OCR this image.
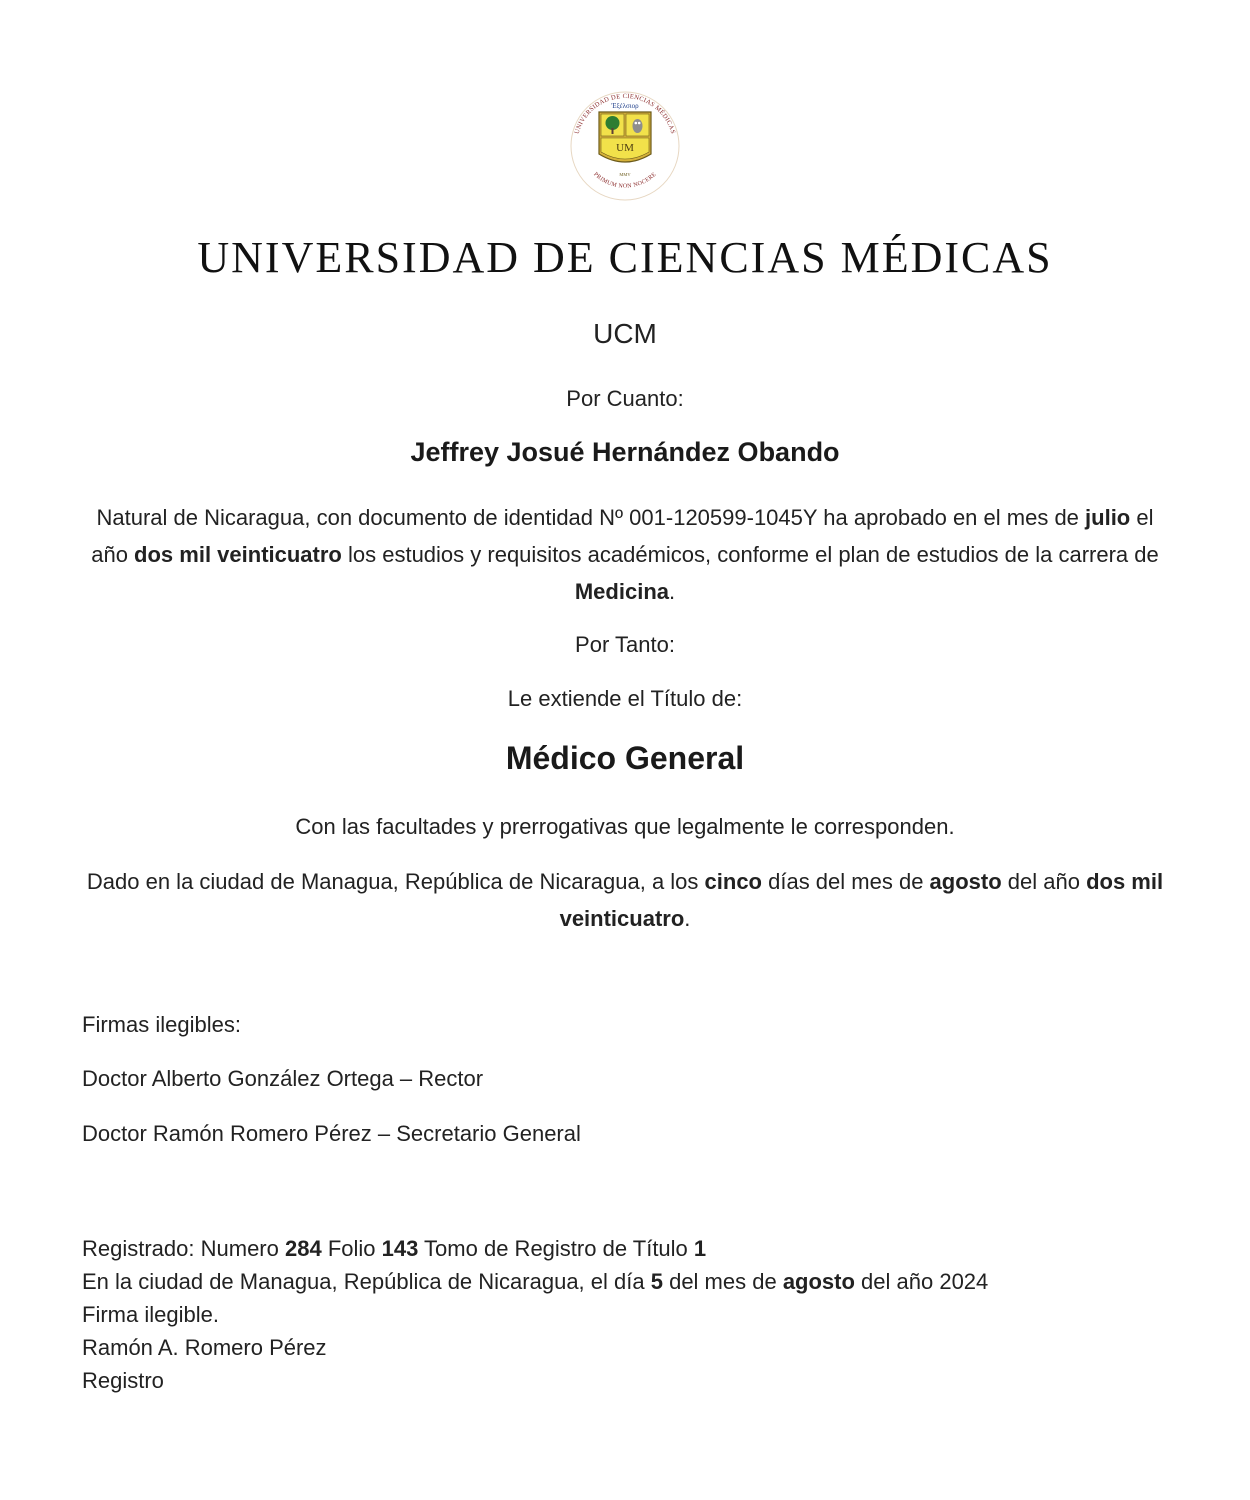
UNIVERSIDAD DE CIENCIAS MÉDICAS
PRIMUM NON NOCERE
Ἐξέλσιορ
UM
MMV
UNIVERSIDAD DE CIENCIAS MÉDICAS
UCM
Por Cuanto:
Jeffrey Josué Hernández Obando
Natural de Nicaragua, con documento de identidad Nº 001-120599-1045Y ha aprobado en el mes de julio el año dos mil veinticuatro los estudios y requisitos académicos, conforme el plan de estudios de la carrera de Medicina.
Por Tanto:
Le extiende el Título de:
Médico General
Con las facultades y prerrogativas que legalmente le corresponden.
Dado en la ciudad de Managua, República de Nicaragua, a los cinco días del mes de agosto del año dos mil veinticuatro.
Firmas ilegibles:
Doctor Alberto González Ortega – Rector
Doctor Ramón Romero Pérez – Secretario General
Registrado: Numero 284 Folio 143 Tomo de Registro de Título 1
En la ciudad de Managua, República de Nicaragua, el día 5 del mes de agosto del año 2024
Firma ilegible.
Ramón A. Romero Pérez
Registro
